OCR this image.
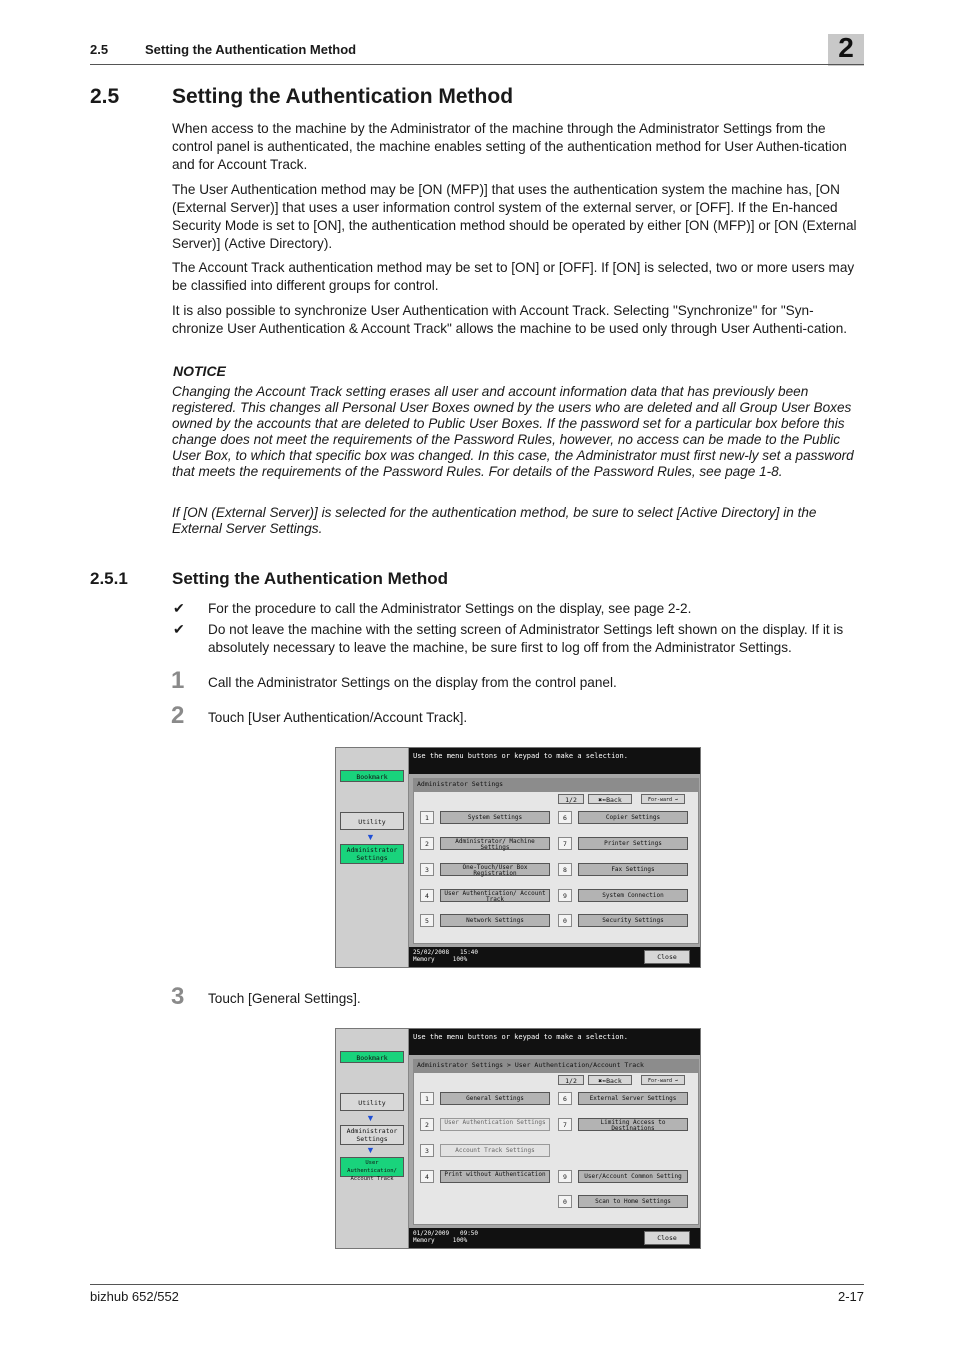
2.5	Setting the Authentication Method	2
2.5	Setting the Authentication Method

When access to the machine by the Administrator of the machine through the Administrator Settings from the control panel is authenticated, the machine enables setting of the authentication method for User Authen-tication and for Account Track.

The User Authentication method may be [ON (MFP)] that uses the authentication system the machine has, [ON (External Server)] that uses a user information control system of the external server, or [OFF]. If the En-hanced Security Mode is set to [ON], the authentication method should be operated by either [ON (MFP)] or [ON (External Server)] (Active Directory).

The Account Track authentication method may be set to [ON] or [OFF]. If [ON] is selected, two or more users may be classified into different groups for control.

It is also possible to synchronize User Authentication with Account Track. Selecting "Synchronize" for "Syn-chronize User Authentication & Account Track" allows the machine to be used only through User Authenti-cation.

NOTICE
Changing the Account Track setting erases all user and account information data that has previously been registered. This changes all Personal User Boxes owned by the users who are deleted and all Group User Boxes owned by the accounts that are deleted to Public User Boxes. If the password set for a particular box before this change does not meet the requirements of the Password Rules, however, no access can be made to the Public User Box, to which that specific box was changed. In this case, the Administrator must first new-ly set a password that meets the requirements of the Password Rules. For details of the Password Rules, see page 1-8.
If [ON (External Server)] is selected for the authentication method, be sure to select [Active Directory] in the External Server Settings.
2.5.1	Setting the Authentication Method
✔ For the procedure to call the Administrator Settings on the display, see page 2-2.
✔ Do not leave the machine with the setting screen of Administrator Settings left shown on the display. If it is absolutely necessary to leave the machine, be sure first to log off from the Administrator Settings.
1 Call the Administrator Settings on the display from the control panel.
2 Touch [User Authentication/Account Track].
Bookmark
Utility
▼
Administrator Settings
Use the menu buttons or keypad to make a selection.
Administrator Settings
1/2	✖⬅Back	For-ward ➡
1	System Settings
2	Administrator/ Machine Settings
3	One-Touch/User Box Registration
4	User Authentication/ Account Track
5	Network Settings
6	Copier Settings
7	Printer Settings
8	Fax Settings
9	System Connection
0	Security Settings
25/02/2008 15:40
Memory	100%	Close
3 Touch [General Settings].
Bookmark
Utility
▼
Administrator Settings
▼
User Authentication/ Account Track
Use the menu buttons or keypad to make a selection.
Administrator Settings > User Authentication/Account Track
1/2	✖⬅Back	For-ward ➡
1	General Settings
2	User Authentication Settings
3	Account Track Settings
4	Print without Authentication
6	External Server Settings
7	Limiting Access to Destinations
9	User/Account Common Setting
0	Scan to Home Settings
01/20/2009 09:50
Memory	100%	Close
bizhub 652/552	2-17
